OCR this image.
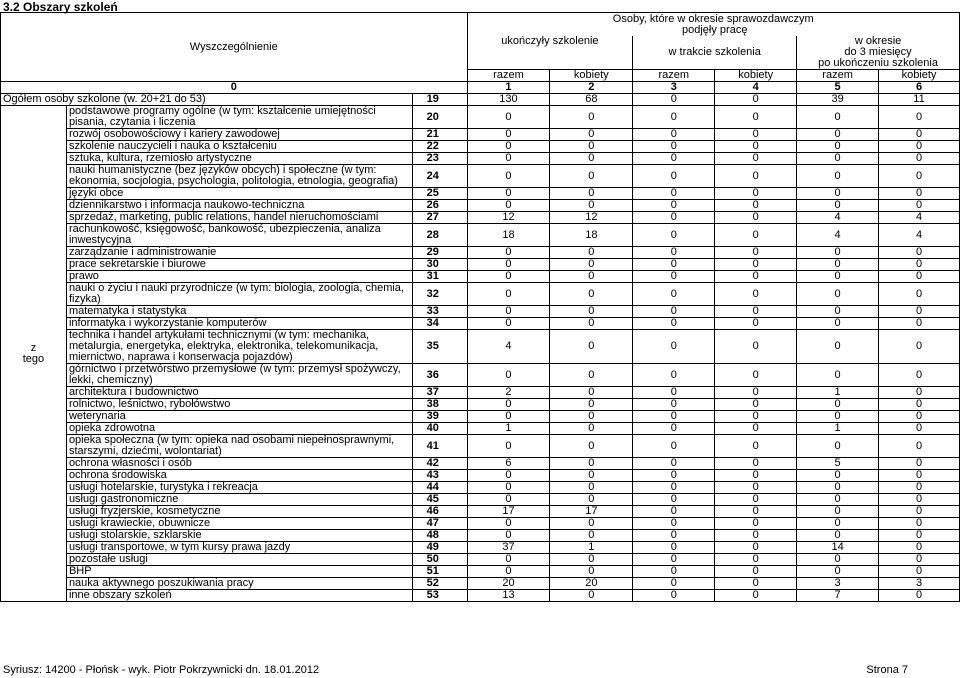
3.2 Obszary szkoleń
Wyszczególnienie			Osoby, które w okresie sprawozdawczym					
					podjęły pracę			
			ukończyły szkolenie		w trakcie szkolenia		w okresie
do 3 miesięcy
po ukończeniu szkolenia	

			razem	kobiety	razem	kobiety	razem	kobiety
0			1	2	3	4	5	6
Ogółem osoby szkolone (w. 20+21 do 53)		19	130	68	0	0	39	11

z
tego	podstawowe programy ogólne (w tym: kształcenie umiejętności pisania, czytania i liczenia	20	0	0	0	0	0	0
	rozwój osobowościowy i kariery zawodowej	21	0	0	0	0	0	0
	szkolenie nauczycieli i nauka o kształceniu	22	0	0	0	0	0	0
	sztuka, kultura, rzemiosło artystyczne	23	0	0	0	0	0	0
	nauki humanistyczne (bez języków obcych) i społeczne (w tym: ekonomia, socjologia, psychologia, politologia, etnologia, geografia)	24	0	0	0	0	0	0
	języki obce	25	0	0	0	0	0	0
	dziennikarstwo i informacja naukowo-techniczna	26	0	0	0	0	0	0
	sprzedaż, marketing, public relations, handel nieruchomościami	27	12	12	0	0	4	4
	rachunkowość, księgowość, bankowość, ubezpieczenia, analiza inwestycyjna	28	18	18	0	0	4	4
	zarządzanie i administrowanie	29	0	0	0	0	0	0
	prace sekretarskie i biurowe	30	0	0	0	0	0	0
	prawo	31	0	0	0	0	0	0
	nauki o życiu i nauki przyrodnicze (w tym: biologia, zoologia, chemia, fizyka)	32	0	0	0	0	0	0
	matematyka i statystyka	33	0	0	0	0	0	0
	informatyka i wykorzystanie komputerów	34	0	0	0	0	0	0
	technika i handel artykułami technicznymi (w tym: mechanika, metalurgia, energetyka, elektryka, elektronika, telekomunikacja, miernictwo, naprawa i konserwacja pojazdów)	35	4	0	0	0	0	0
	górnictwo i przetwórstwo przemysłowe (w tym: przemysł spożywczy, lekki, chemiczny)	36	0	0	0	0	0	0
	architektura i budownictwo	37	2	0	0	0	1	0
	rolnictwo, leśnictwo, rybołówstwo	38	0	0	0	0	0	0
	weterynaria	39	0	0	0	0	0	0
	opieka zdrowotna	40	1	0	0	0	1	0
	opieka społeczna (w tym: opieka nad osobami niepełnosprawnymi, starszymi, dziećmi, wolontariat)	41	0	0	0	0	0	0
	ochrona własności i osób	42	6	0	0	0	5	0
	ochrona środowiska	43	0	0	0	0	0	0
	usługi hotelarskie, turystyka i rekreacja	44	0	0	0	0	0	0
	usługi gastronomiczne	45	0	0	0	0	0	0
	usługi fryzjerskie, kosmetyczne	46	17	17	0	0	0	0
	usługi krawieckie, obuwnicze	47	0	0	0	0	0	0
	usługi stolarskie, szklarskie	48	0	0	0	0	0	0
	usługi transportowe, w tym kursy prawa jazdy	49	37	1	0	0	14	0
	pozostałe usługi	50	0	0	0	0	0	0
	BHP	51	0	0	0	0	0	0
	nauka aktywnego poszukiwania pracy	52	20	20	0	0	3	3
	inne obszary szkoleń	53	13	0	0	0	7	0
Syriusz: 14200 - Płońsk - wyk. Piotr Pokrzywnicki dn. 18.01.2012	Strona 7
